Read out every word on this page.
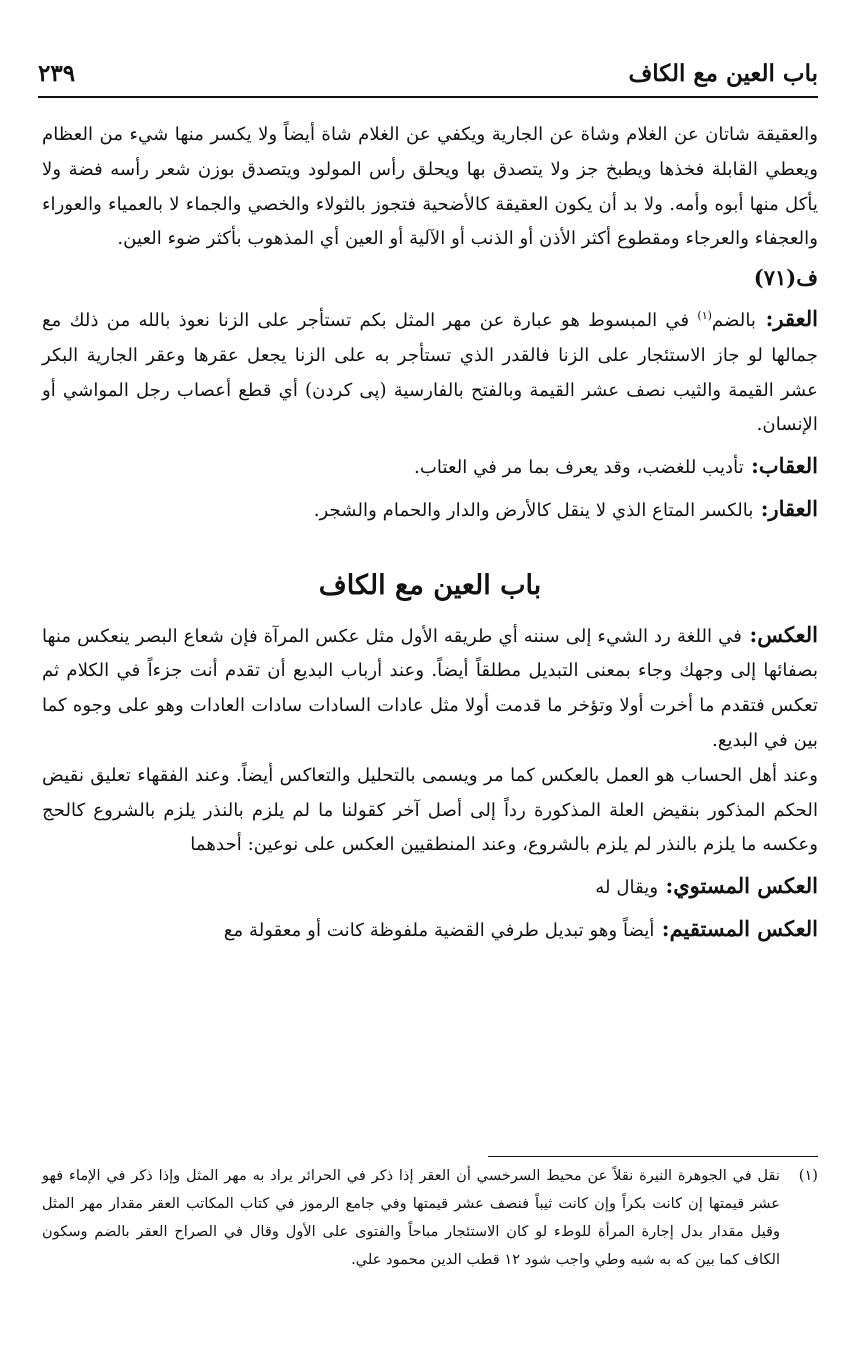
باب العين مع الكاف
٢٣٩

والعقيقة شاتان عن الغلام وشاة عن الجارية ويكفي عن الغلام شاة أيضاً ولا يكسر منها شيء من العظام ويعطي القابلة فخذها ويطبخ جز ولا يتصدق بها ويحلق رأس المولود ويتصدق بوزن شعر رأسه فضة ولا يأكل منها أبوه وأمه. ولا بد أن يكون العقيقة كالأضحية فتجوز بالثولاء والخصي والجماء لا بالعمياء والعوراء والعجفاء والعرجاء ومقطوع أكثر الأذن أو الذنب أو الآلية أو العين أي المذهوب بأكثر ضوء العين.

ف(٧١)

العقر: بالضم$^{(١)}$ في المبسوط هو عبارة عن مهر المثل بكم تستأجر على الزنا نعوذ بالله من ذلك مع جمالها لو جاز الاستئجار على الزنا فالقدر الذي تستأجر به على الزنا يجعل عقرها وعقر الجارية البكر عشر القيمة والثيب نصف عشر القيمة وبالفتح بالفارسية (پی کردن) أي قطع أعصاب رجل المواشي أو الإنسان.

العقاب: تأديب للغضب، وقد يعرف بما مر في العتاب.

العقار: بالكسر المتاع الذي لا ينقل كالأرض والدار والحمام والشجر.

باب العين مع الكاف

العكس: في اللغة رد الشيء إلى سننه أي طريقه الأول مثل عكس المرآة فإن شعاع البصر ينعكس منها بصفائها إلى وجهك وجاء بمعنى التبديل مطلقاً أيضاً. وعند أرباب البديع أن تقدم أنت جزءاً في الكلام ثم تعكس فتقدم ما أخرت أولا وتؤخر ما قدمت أولا مثل عادات السادات سادات العادات وهو على وجوه كما بين في البديع.

وعند أهل الحساب هو العمل بالعكس كما مر ويسمى بالتحليل والتعاكس أيضاً. وعند الفقهاء تعليق نقيض الحكم المذكور بنقيض العلة المذكورة رداً إلى أصل آخر كقولنا ما لم يلزم بالنذر يلزم بالشروع كالحج وعكسه ما يلزم بالنذر لم يلزم بالشروع، وعند المنطقيين العكس على نوعين: أحدهما

العكس المستوي: ويقال له

العكس المستقيم: أيضاً وهو تبديل طرفي القضية ملفوظة كانت أو معقولة مع

(١)
نقل في الجوهرة النيرة نقلاً عن محيط السرخسي أن العقر إذا ذكر في الحرائر يراد به مهر المثل وإذا ذكر في الإماء فهو عشر قيمتها إن كانت بكراً وإن كانت ثيباً فنصف عشر قيمتها وفي جامع الرموز في كتاب المكاتب العقر مقدار مهر المثل وقيل مقدار بدل إجارة المرأة للوطء لو كان الاستئجار مباحاً والفتوى على الأول وقال في الصراح العقر بالضم وسكون الكاف كما بين كه به شبه وطي واجب شود ١٢ قطب الدين محمود علي.
